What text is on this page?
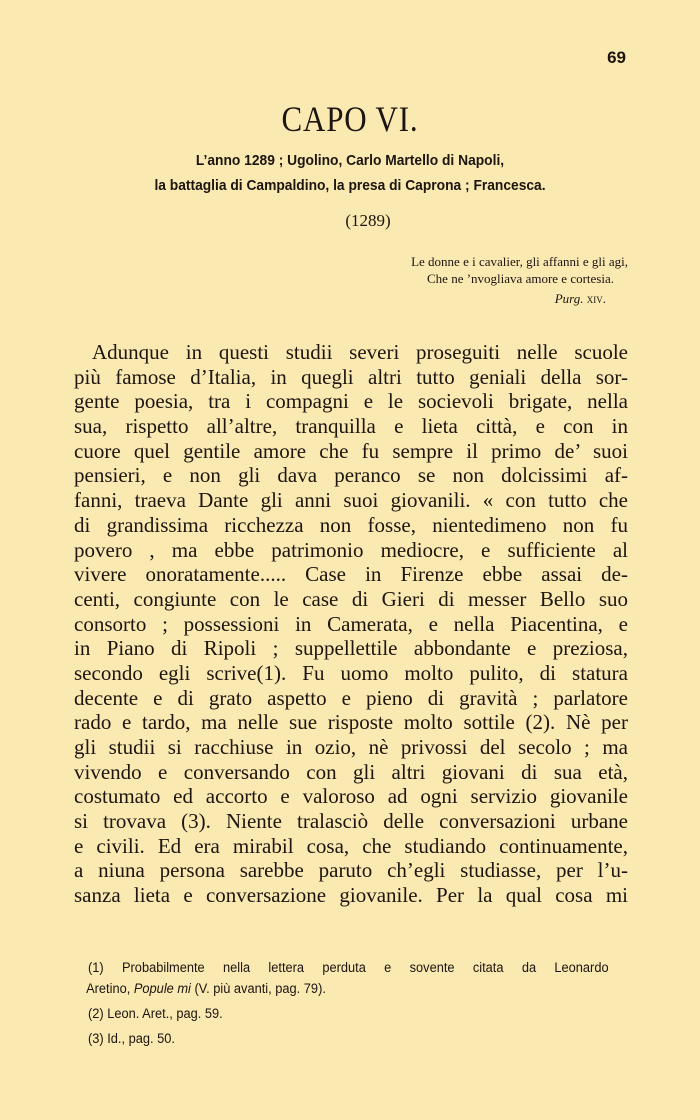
69
CAPO VI.
L’anno 1289 ; Ugolino, Carlo Martello di Napoli,
la battaglia di Campaldino, la presa di Caprona ; Francesca.
(1289)
Le donne e i cavalier, gli affanni e gli agi,
Che ne ’nvogliava amore e cortesia.
Purg. xiv.
Adunque in questi studii severi proseguiti nelle scuole
più famose d’Italia, in quegli altri tutto geniali della sor-
gente poesia, tra i compagni e le socievoli brigate, nella
sua, rispetto all’altre, tranquilla e lieta città, e con in
cuore quel gentile amore che fu sempre il primo de’ suoi
pensieri, e non gli dava peranco se non dolcissimi af-
fanni, traeva Dante gli anni suoi giovanili. « con tutto che
di grandissima ricchezza non fosse, nientedimeno non fu
povero , ma ebbe patrimonio mediocre, e sufficiente al
vivere onoratamente..... Case in Firenze ebbe assai de-
centi, congiunte con le case di Gieri di messer Bello suo
consorto ; possessioni in Camerata, e nella Piacentina, e
in Piano di Ripoli ; suppellettile abbondante e preziosa,
secondo egli scrive(1). Fu uomo molto pulito, di statura
decente e di grato aspetto e pieno di gravità ; parlatore
rado e tardo, ma nelle sue risposte molto sottile (2). Nè per
gli studii si racchiuse in ozio, nè privossi del secolo ; ma
vivendo e conversando con gli altri giovani di sua età,
costumato ed accorto e valoroso ad ogni servizio giovanile
si trovava (3). Niente tralasciò delle conversazioni urbane
e civili. Ed era mirabil cosa, che studiando continuamente,
a niuna persona sarebbe paruto ch’egli studiasse, per l’u-
sanza lieta e conversazione giovanile. Per la qual cosa mi
(1) Probabilmente nella lettera perduta e sovente citata da Leonardo
Aretino, Popule mi (V. più avanti, pag. 79).
(2) Leon. Aret., pag. 59.
(3) Id., pag. 50.
